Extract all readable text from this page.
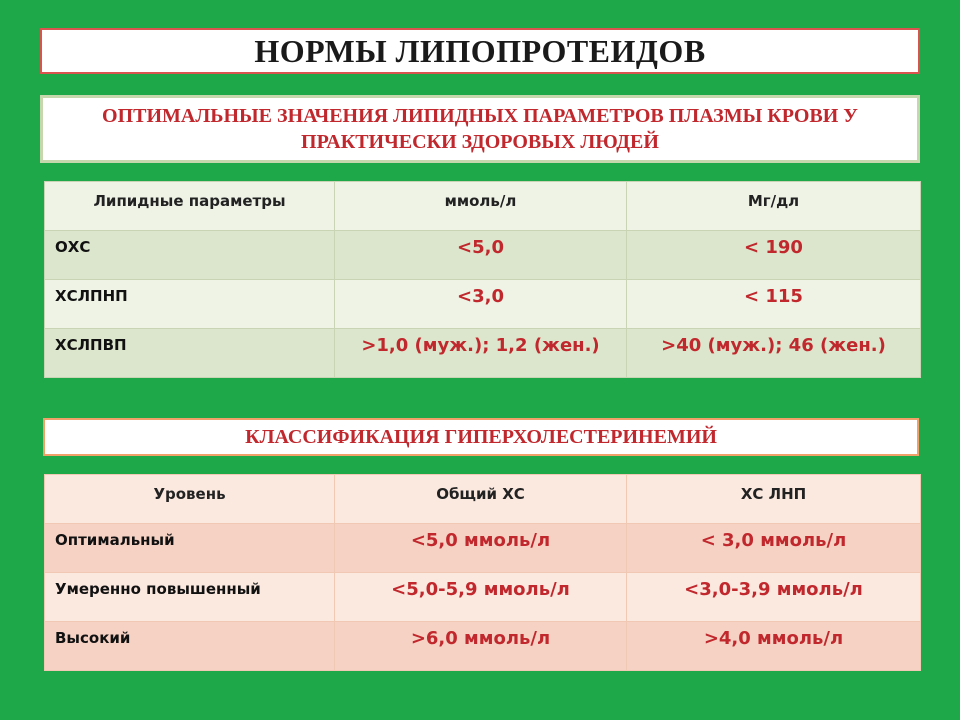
НОРМЫ ЛИПОПРОТЕИДОВ
ОПТИМАЛЬНЫЕ ЗНАЧЕНИЯ ЛИПИДНЫХ ПАРАМЕТРОВ ПЛАЗМЫ КРОВИ У ПРАКТИЧЕСКИ ЗДОРОВЫХ ЛЮДЕЙ
Липидные параметры	ммоль/л	Мг/дл
ОХС	<5,0	< 190
ХСЛПНП	<3,0	< 115
ХСЛПВП	>1,0 (муж.); 1,2 (жен.)	>40 (муж.); 46 (жен.)
КЛАССИФИКАЦИЯ ГИПЕРХОЛЕСТЕРИНЕМИЙ
Уровень	Общий ХС	ХС ЛНП
Оптимальный	<5,0 ммоль/л	< 3,0 ммоль/л
Умеренно повышенный	<5,0-5,9 ммоль/л	<3,0-3,9 ммоль/л
Высокий	>6,0 ммоль/л	>4,0 ммоль/л
